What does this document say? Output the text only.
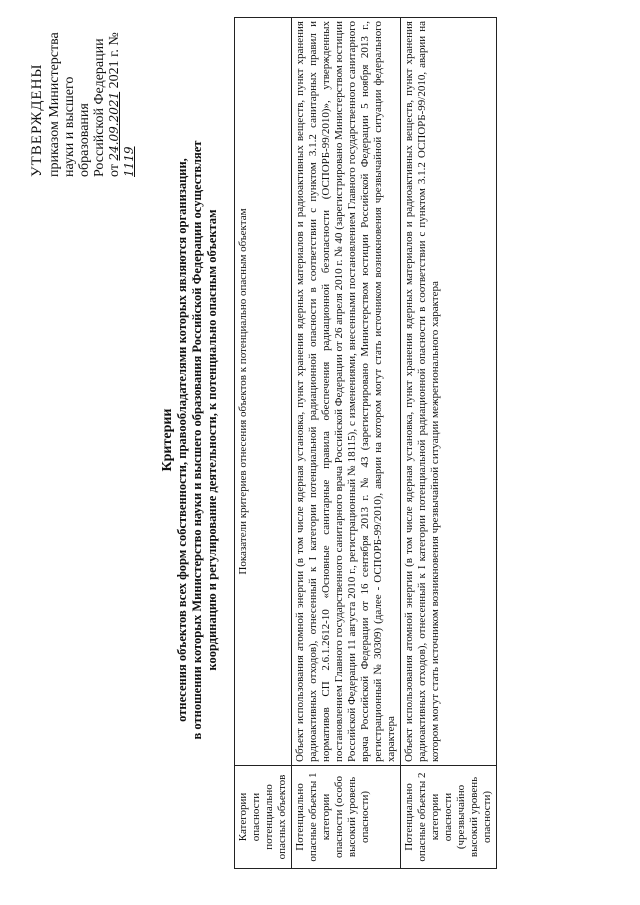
УТВЕРЖДЕНЫ приказом Министерства науки и высшего образования Российской Федерации от 24.09.2021 2021 г. № 1119
Критерии отнесения объектов всех форм собственности, правообладателями которых являются организации, в отношении которых Министерство науки и высшего образования Российской Федерации осуществляет координацию и регулирование деятельности, к потенциально опасным объектам
Категории опасности потенциально опасных объектов	Показатели критериев отнесения объектов к потенциально опасным объектам
Потенциально опасные объекты 1 категории опасности (особо высокий уровень опасности)	Объект использования атомной энергии (в том числе ядерная установка, пункт хранения ядерных материалов и радиоактивных веществ, пункт хранения радиоактивных отходов), отнесенный к I категории потенциальной радиационной опасности в соответствии с пунктом 3.1.2 санитарных правил и нормативов СП 2.6.1.2612-10 «Основные санитарные правила обеспечения радиационной безопасности (ОСПОРБ-99/2010)», утвержденных постановлением Главного государственного санитарного врача Российской Федерации от 26 апреля 2010 г. № 40 (зарегистрировано Министерством юстиции Российской Федерации 11 августа 2010 г., регистрационный № 18115), с изменениями, внесенными постановлением Главного государственного санитарного врача Российской Федерации от 16 сентября 2013 г. № 43 (зарегистрировано Министерством юстиции Российской Федерации 5 ноября 2013 г., регистрационный № 30309) (далее - ОСПОРБ-99/2010), аварии на котором могут стать источником возникновения чрезвычайной ситуации федерального характера
Потенциально опасные объекты 2 категории опасности (чрезвычайно высокий уровень опасности)	Объект использования атомной энергии (в том числе ядерная установка, пункт хранения ядерных материалов и радиоактивных веществ, пункт хранения радиоактивных отходов), отнесенный к I категории потенциальной радиационной опасности в соответствии с пунктом 3.1.2 ОСПОРБ-99/2010, аварии на котором могут стать источником возникновения чрезвычайной ситуации межрегионального характера
